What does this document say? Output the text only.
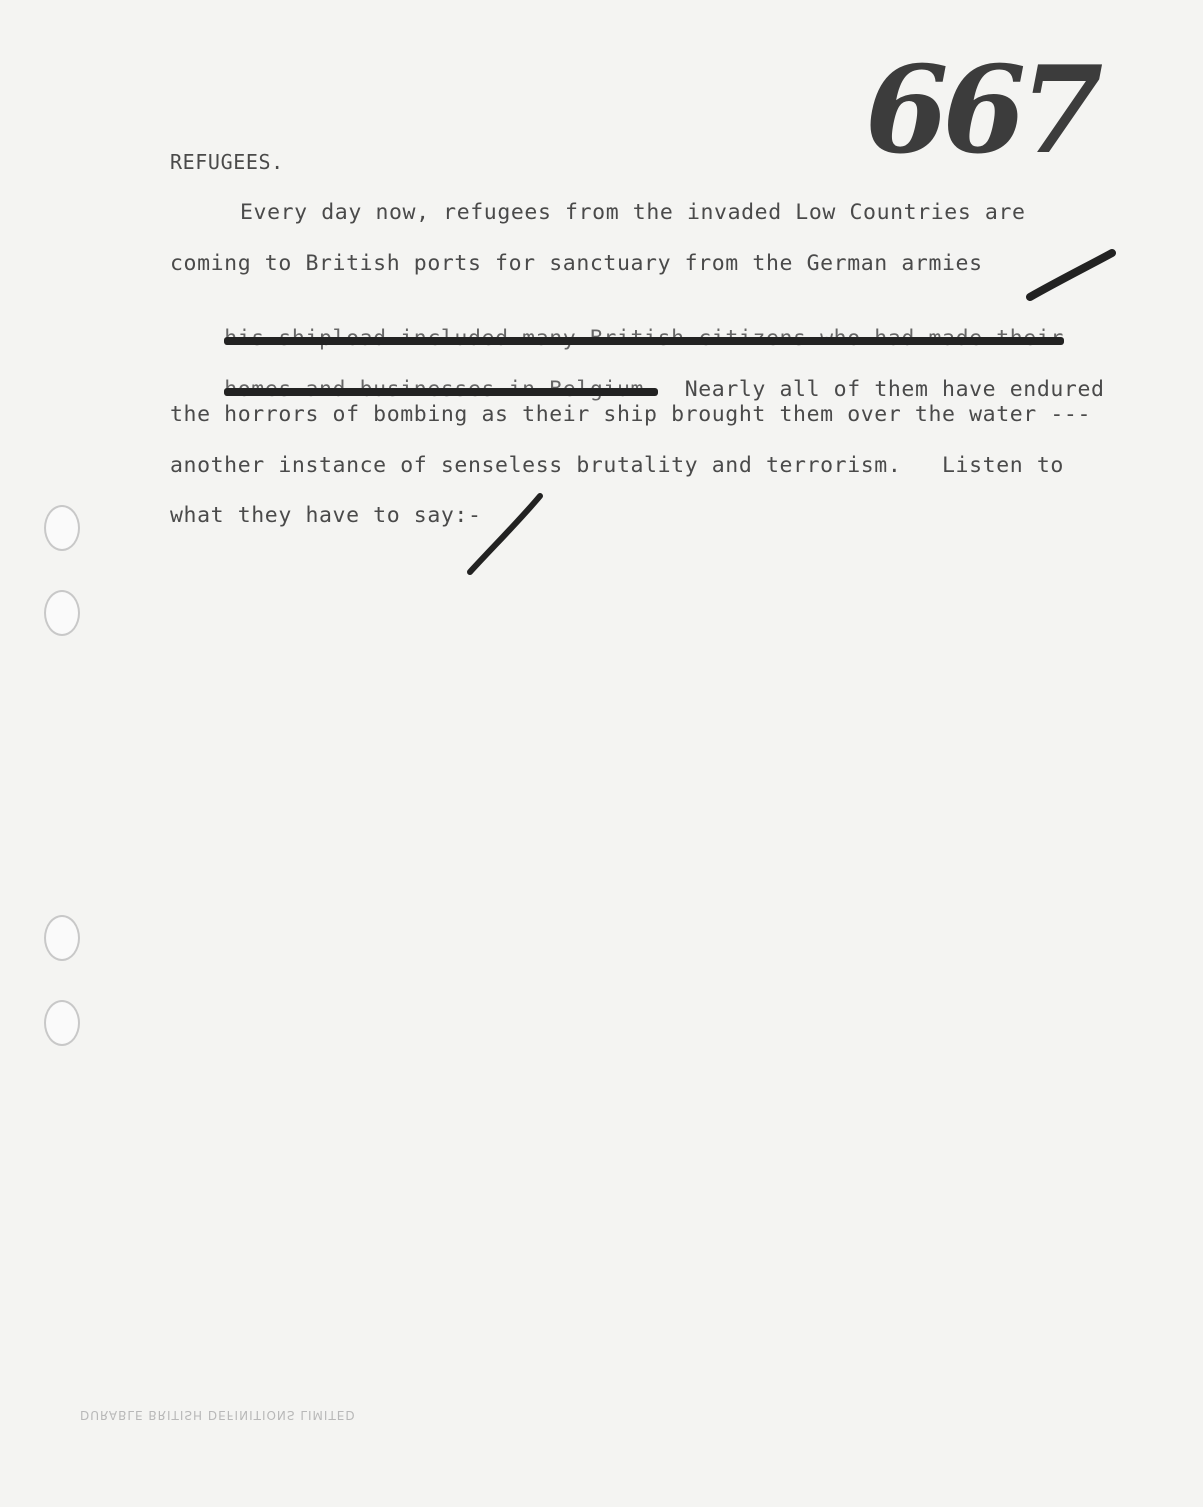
667
REFUGEES.
Every day now, refugees from the invaded Low Countries are
coming to British ports for sanctuary from the German armies

Nearly all of them have endured

the horrors of bombing as their ship brought them over the water ---
another instance of senseless brutality and terrorism.   Listen to
what they have to say:-
DURABLE BRITISH DEFINITIONS LIMITED
